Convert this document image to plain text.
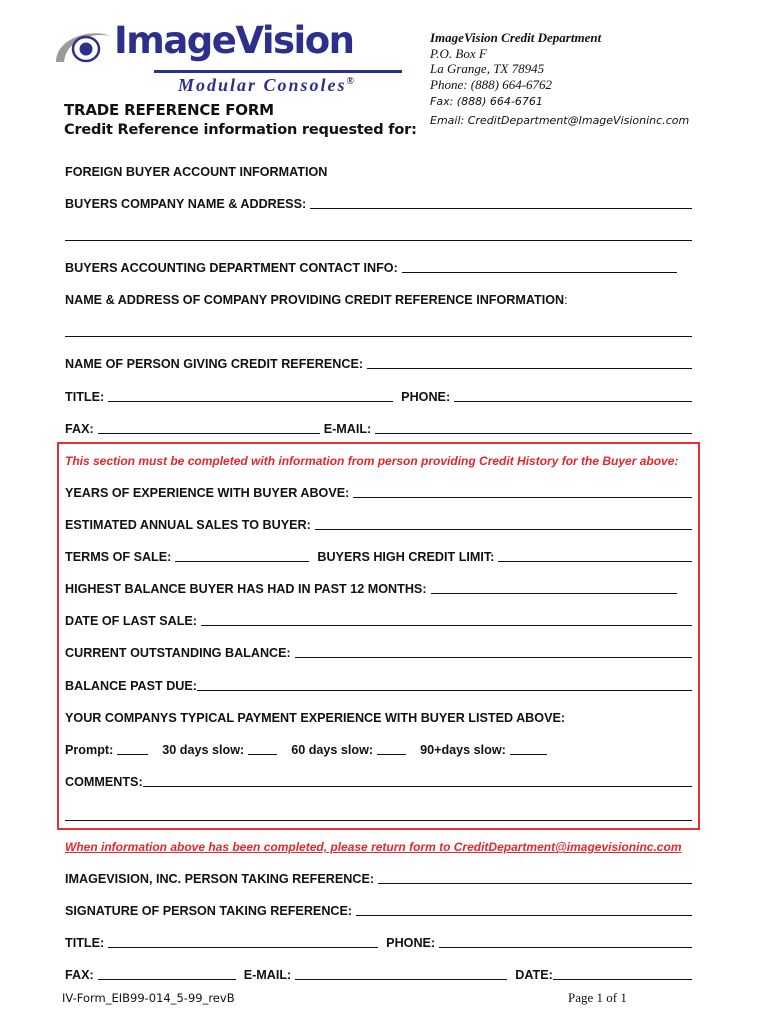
ImageVision
Modular Consoles®
ImageVision Credit Department
P.O. Box F
La Grange, TX 78945
Phone: (888) 664-6762
Fax: (888) 664-6761
Email: CreditDepartment@ImageVisioninc.com
TRADE REFERENCE FORM
Credit Reference information requested for:
FOREIGN BUYER ACCOUNT INFORMATION
BUYERS COMPANY NAME & ADDRESS:
BUYERS ACCOUNTING DEPARTMENT CONTACT INFO:
NAME & ADDRESS OF COMPANY PROVIDING CREDIT REFERENCE INFORMATION:
NAME OF PERSON GIVING CREDIT REFERENCE:
TITLE:	PHONE:
FAX:	E-MAIL:
This section must be completed with information from person providing Credit History for the Buyer above:
YEARS OF EXPERIENCE WITH BUYER ABOVE:
ESTIMATED ANNUAL SALES TO BUYER:
TERMS OF SALE:	BUYERS HIGH CREDIT LIMIT:
HIGHEST BALANCE BUYER HAS HAD IN PAST 12 MONTHS:
DATE OF LAST SALE:
CURRENT OUTSTANDING BALANCE:
BALANCE PAST DUE:
YOUR COMPANYS TYPICAL PAYMENT EXPERIENCE WITH BUYER LISTED ABOVE:
Prompt:	30 days slow:	60 days slow:	90+days slow:
COMMENTS:
When information above has been completed, please return form to CreditDepartment@imagevisioninc.com
IMAGEVISION, INC. PERSON TAKING REFERENCE:
SIGNATURE OF PERSON TAKING REFERENCE:
TITLE:	PHONE:
FAX:	E-MAIL:	DATE:
IV-Form_EIB99-014_5-99_revB	Page 1 of 1
